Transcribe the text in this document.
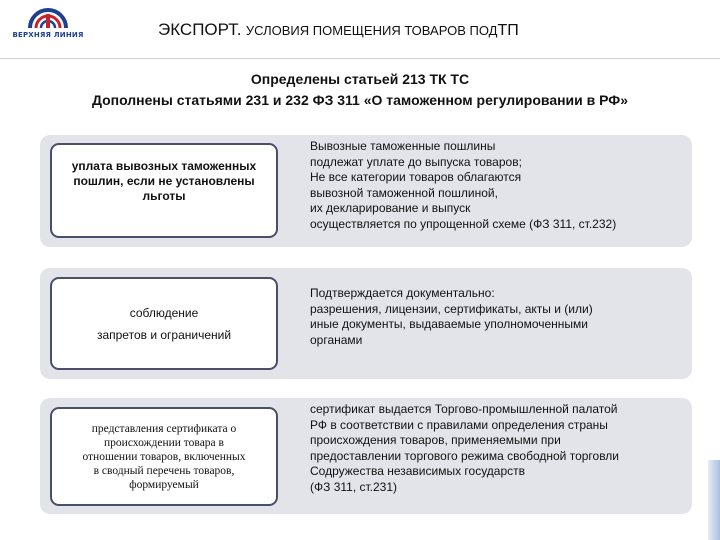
ВЕРХНЯЯ ЛИНИЯ	ЭКСПОРТ. УСЛОВИЯ ПОМЕЩЕНИЯ ТОВАРОВ ПОДТП
Определены статьей 213 ТК ТС
Дополнены статьями 231 и 232 ФЗ 311 «О таможенном регулировании в РФ»
уплата вывозных таможенных
пошлин, если не установлены
льготы
соблюдение
запретов и ограничений
представления сертификата о
происхождении товара в
отношении товаров, включенных
в сводный перечень товаров,
формируемый
Вывозные таможенные пошлины
подлежат уплате до выпуска товаров;
Не все категории товаров облагаются
вывозной таможенной пошлиной,
их декларирование и выпуск
осуществляется по упрощенной схеме (ФЗ 311, ст.232)
Подтверждается документально:
разрешения, лицензии, сертификаты, акты и (или)
иные документы, выдаваемые уполномоченными
органами
сертификат выдается Торгово-промышленной палатой
РФ в соответствии с правилами определения страны
происхождения товаров, применяемыми при
предоставлении торгового режима свободной торговли
Содружества независимых государств
(ФЗ 311, ст.231)
